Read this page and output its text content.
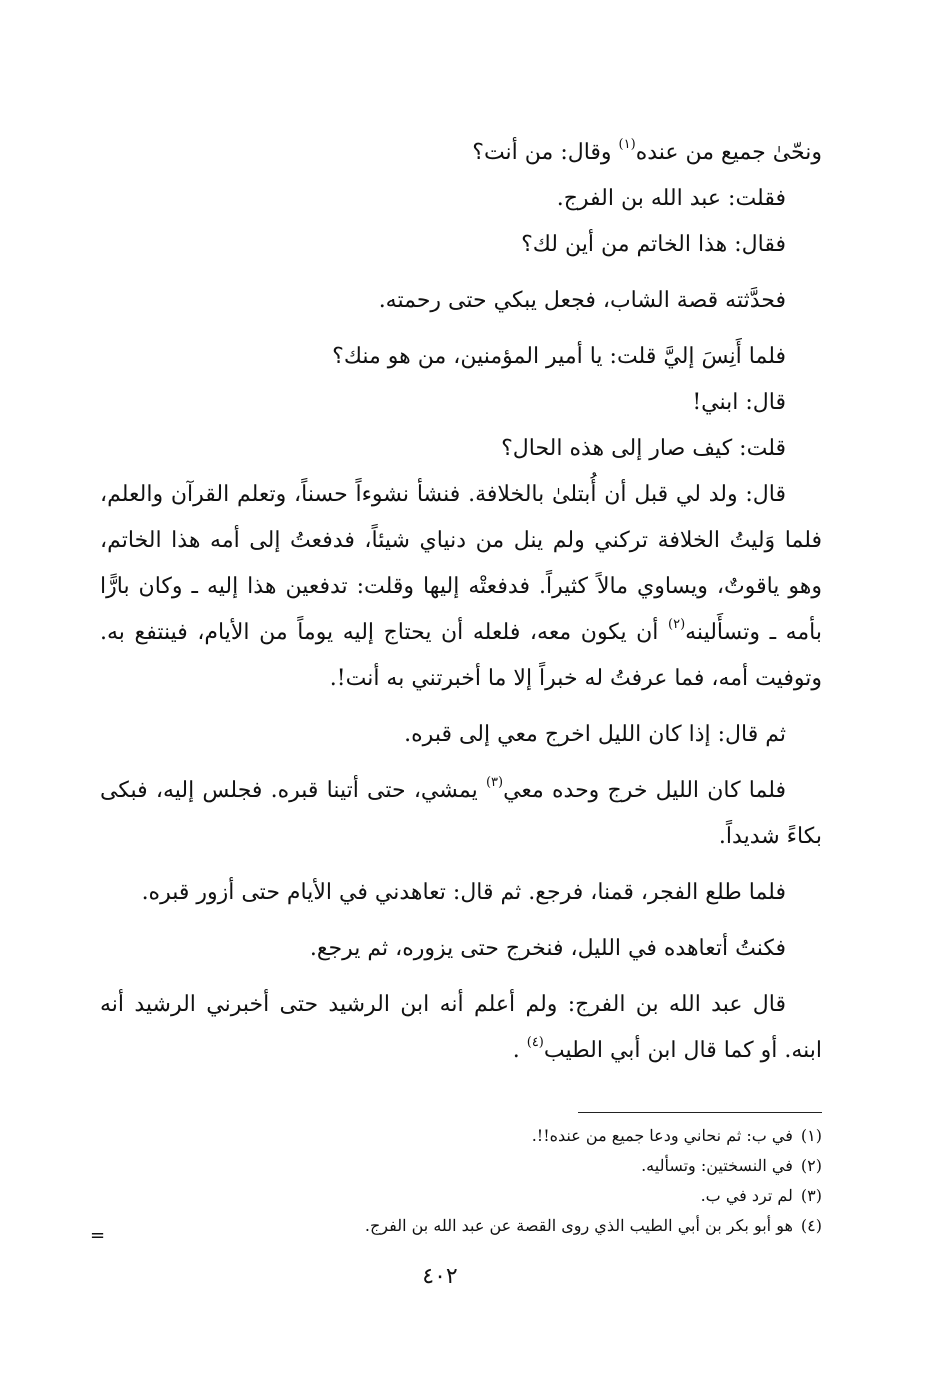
ونحّىٰ جميع من عنده$^{(١)}$ وقال: من أنت؟

فقلت: عبد الله بن الفرج.

فقال: هذا الخاتم من أين لك؟

فحدَّثته قصة الشاب، فجعل يبكي حتى رحمته.

فلما أَنِسَ إليَّ قلت: يا أمير المؤمنين، من هو منك؟

قال: ابني!

قلت: كيف صار إلى هذه الحال؟

قال: ولد لي قبل أن أُبتلىٰ بالخلافة. فنشأ نشوءاً حسناً، وتعلم القرآن والعلم، فلما وَليتُ الخلافة تركني ولم ينل من دنياي شيئاً، فدفعتُ إلى أمه هذا الخاتم، وهو ياقوتٌ، ويساوي مالاً كثيراً. فدفعتْه إليها وقلت: تدفعين هذا إليه ـ وكان بارًّا بأمه ـ وتسأَلينه$^{(٢)}$ أن يكون معه، فلعله أن يحتاج إليه يوماً من الأيام، فينتفع به. وتوفيت أمه، فما عرفتُ له خبراً إلا ما أخبرتني به أنت!.

ثم قال: إذا كان الليل اخرج معي إلى قبره.

فلما كان الليل خرج وحده معي$^{(٣)}$ يمشي، حتى أتينا قبره. فجلس إليه، فبكى بكاءً شديداً.

فلما طلع الفجر، قمنا، فرجع. ثم قال: تعاهدني في الأيام حتى أزور قبره.

فكنتُ أتعاهده في الليل، فنخرج حتى يزوره، ثم يرجع.

قال عبد الله بن الفرج: ولم أعلم أنه ابن الرشيد حتى أخبرني الرشيد أنه ابنه. أو كما قال ابن أبي الطيب$^{(٤)}$ .

(١)في ب: ثم نحاني ودعا جميع من عنده!!.

(٢)في النسختين: وتسأليه.

(٣)لم ترد في ب.

(٤)هو أبو بكر بن أبي الطيب الذي روى القصة عن عبد الله بن الفرج.

=
٤٠٢
